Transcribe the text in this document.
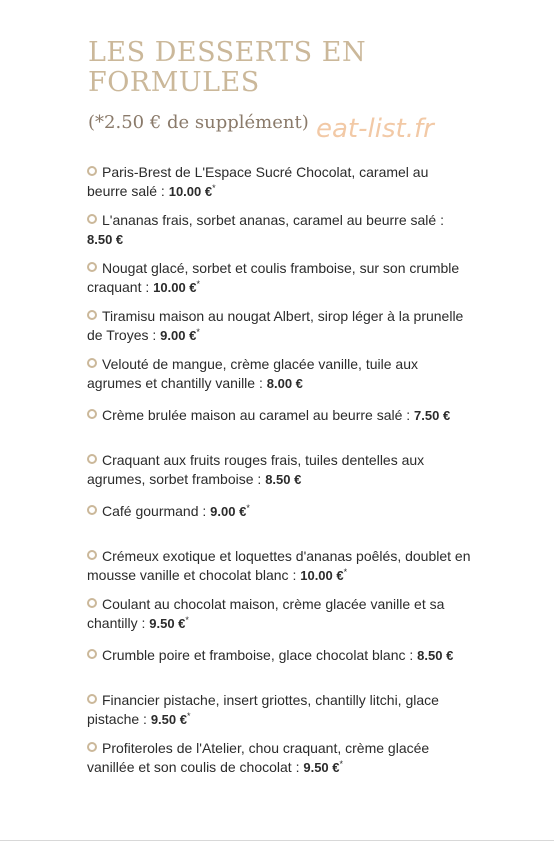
LES DESSERTS EN FORMULES
(*2.50 € de supplément) eat-list.fr
Paris-Brest de L'Espace Sucré Chocolat, caramel au beurre salé : 10.00 €*
L'ananas frais, sorbet ananas, caramel au beurre salé : 8.50 €
Nougat glacé, sorbet et coulis framboise, sur son crumble craquant : 10.00 €*
Tiramisu maison au nougat Albert, sirop léger à la prunelle de Troyes : 9.00 €*
Velouté de mangue, crème glacée vanille, tuile aux agrumes et chantilly vanille : 8.00 €
Crème brulée maison au caramel au beurre salé : 7.50 €
Craquant aux fruits rouges frais, tuiles dentelles aux agrumes, sorbet framboise : 8.50 €
Café gourmand : 9.00 €*
Crémeux exotique et loquettes d'ananas poêlés, doublet en mousse vanille et chocolat blanc : 10.00 €*
Coulant au chocolat maison, crème glacée vanille et sa chantilly : 9.50 €*
Crumble poire et framboise, glace chocolat blanc : 8.50 €
Financier pistache, insert griottes, chantilly litchi, glace pistache : 9.50 €*
Profiteroles de l'Atelier, chou craquant, crème glacée vanillée et son coulis de chocolat : 9.50 €*
